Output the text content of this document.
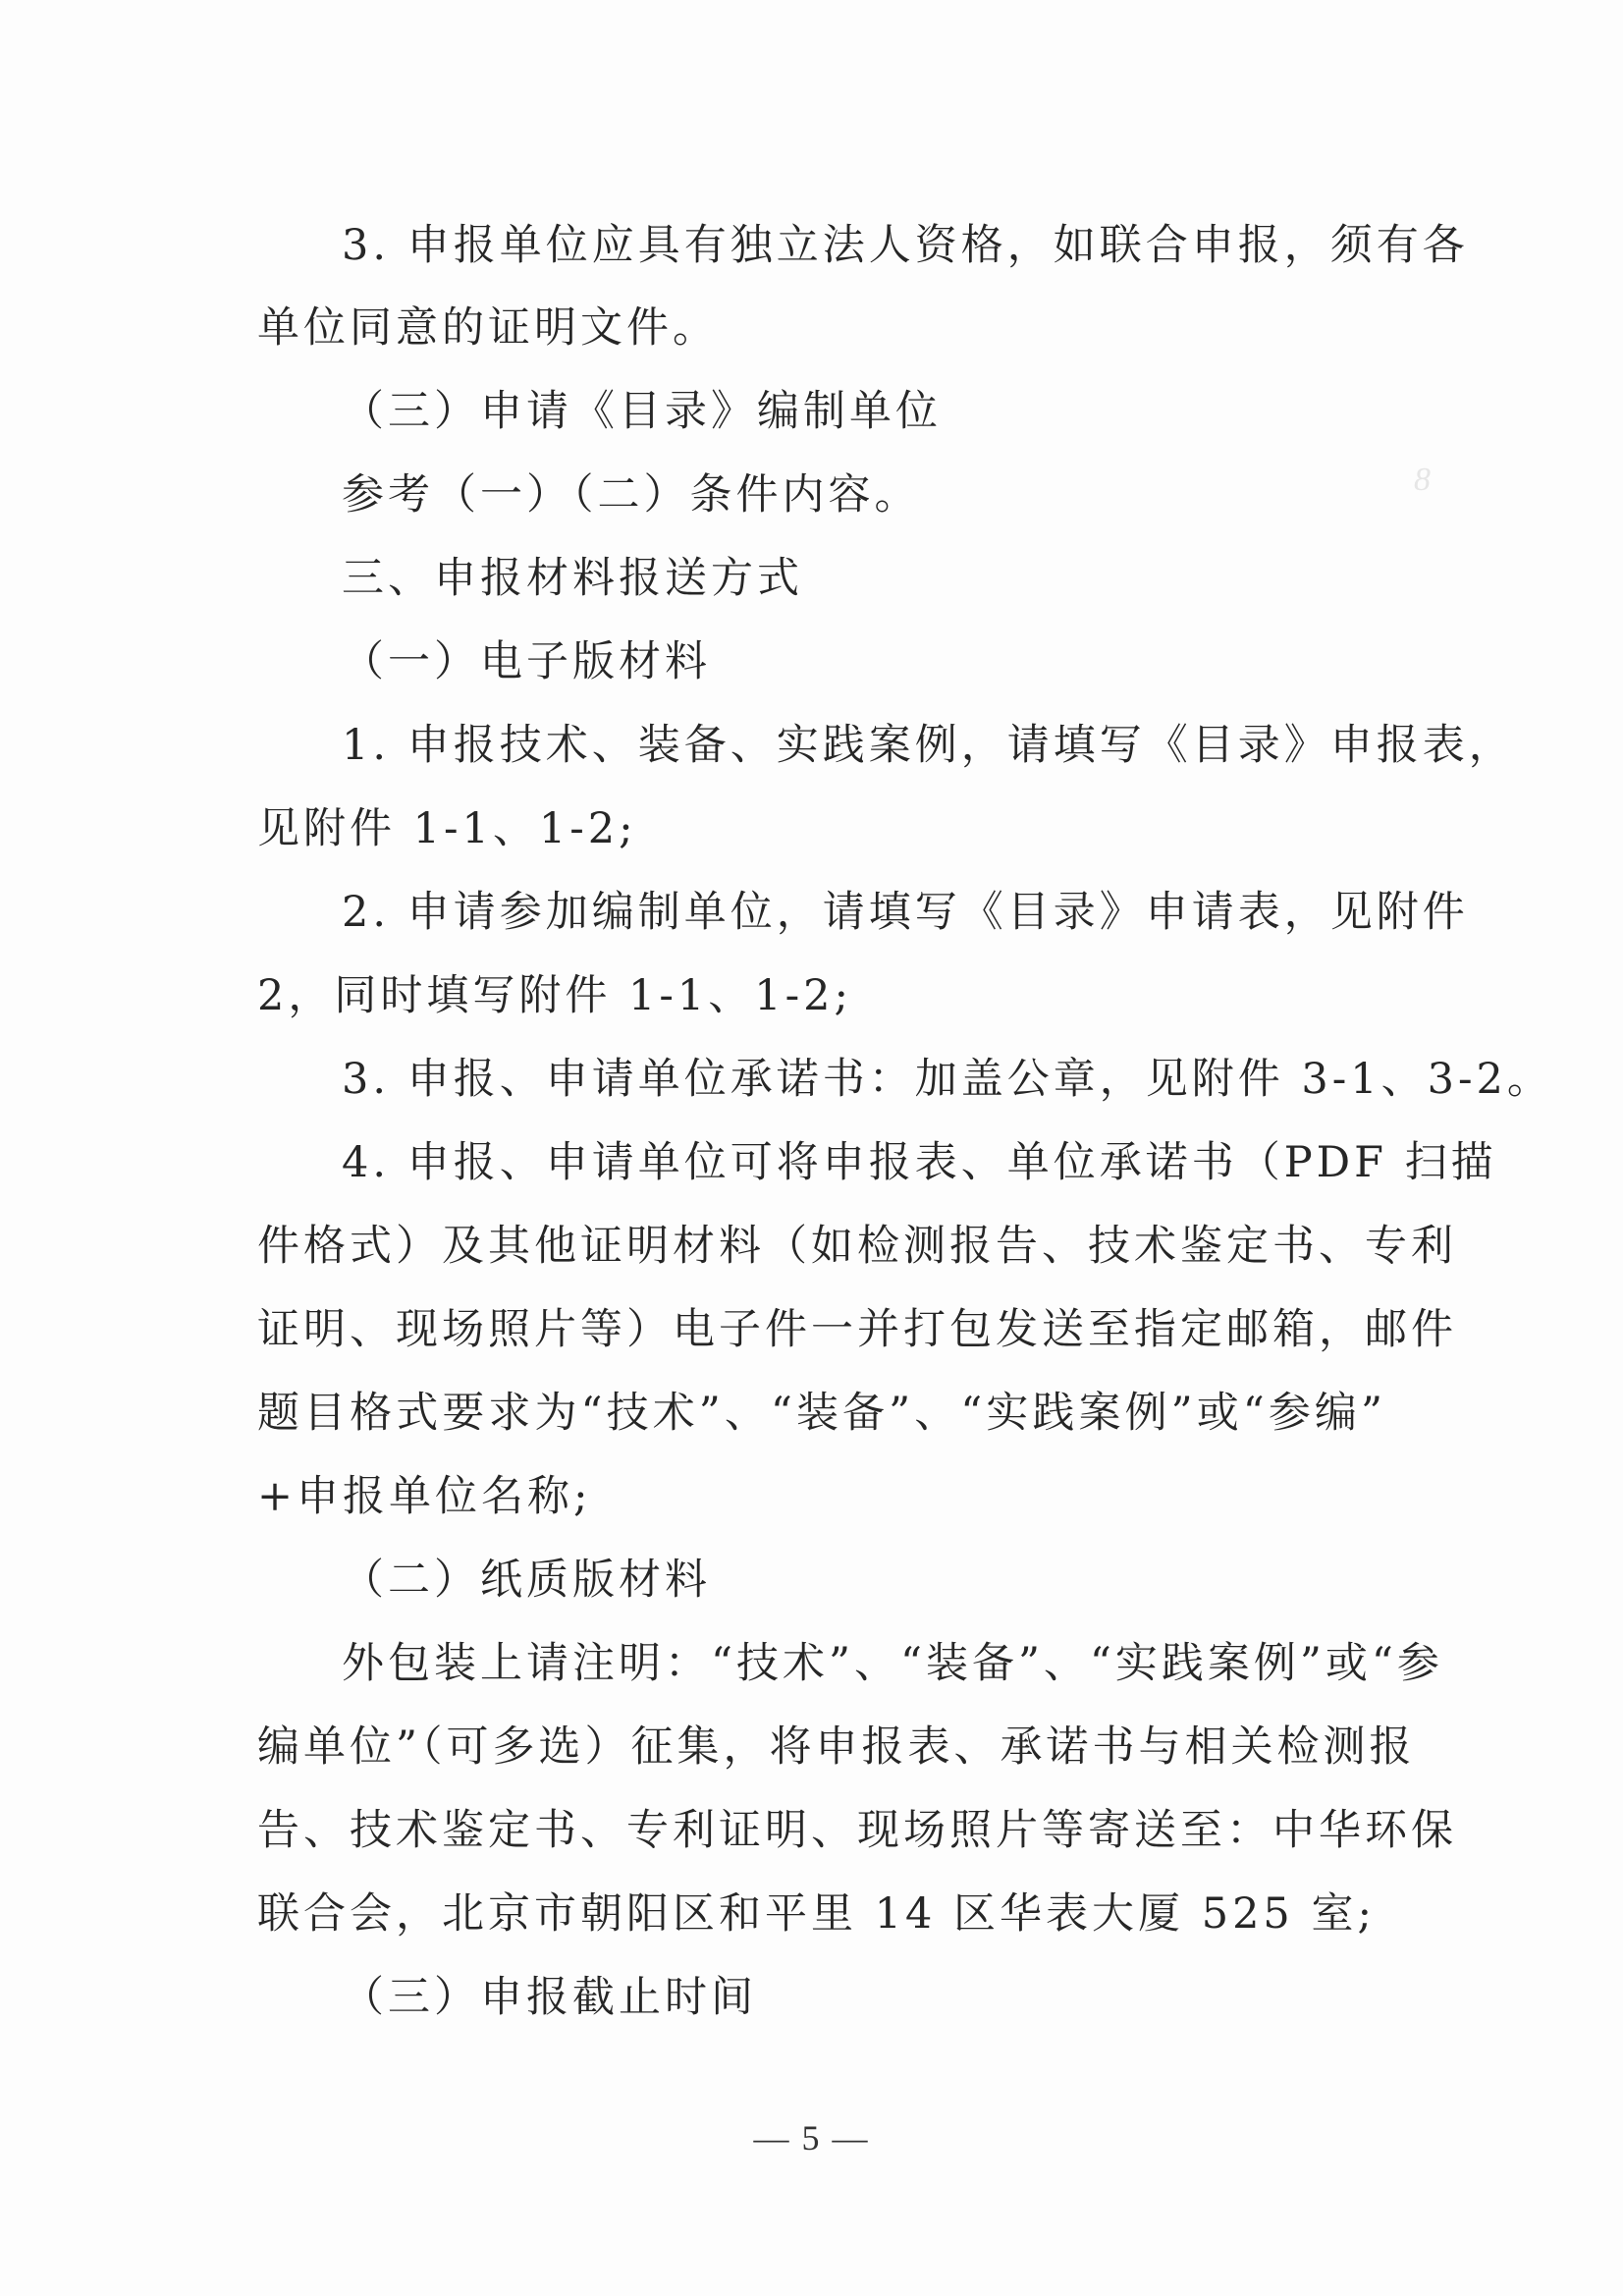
3. 申报单位应具有独立法人资格，如联合申报，须有各
单位同意的证明文件。
（三）申请《目录》编制单位
参考（一）（二）条件内容。
三、申报材料报送方式
（一）电子版材料
1. 申报技术、装备、实践案例，请填写《目录》申报表，
见附件 1-1、1-2;
2. 申请参加编制单位，请填写《目录》申请表，见附件
2，同时填写附件 1-1、1-2;
3. 申报、申请单位承诺书：加盖公章，见附件 3-1、3-2。
4. 申报、申请单位可将申报表、单位承诺书（PDF 扫描
件格式）及其他证明材料（如检测报告、技术鉴定书、专利
证明、现场照片等）电子件一并打包发送至指定邮箱，邮件
题目格式要求为“技术”、“装备”、“实践案例”或“参编”
+申报单位名称;
（二）纸质版材料
外包装上请注明：“技术”、“装备”、“实践案例”或“参
编单位”（可多选）征集，将申报表、承诺书与相关检测报
告、技术鉴定书、专利证明、现场照片等寄送至：中华环保
联合会，北京市朝阳区和平里 14 区华表大厦 525 室;
（三）申报截止时间
8
— 5 —
